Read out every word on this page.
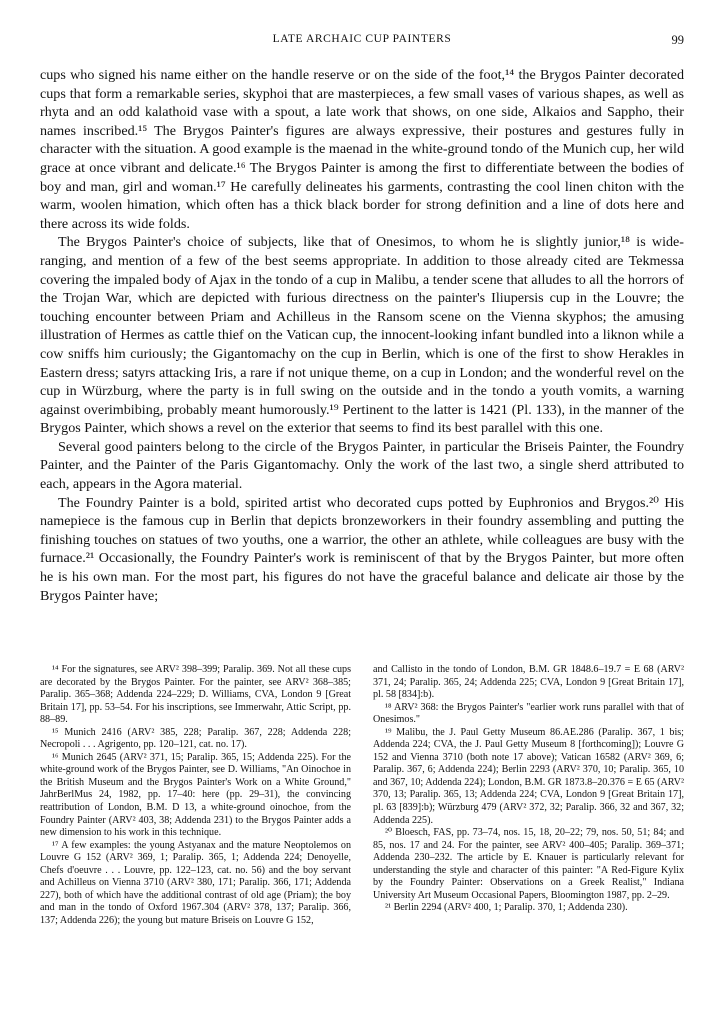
LATE ARCHAIC CUP PAINTERS	99

cups who signed his name either on the handle reserve or on the side of the foot,¹⁴ the Brygos Painter decorated cups that form a remarkable series, skyphoi that are masterpieces, a few small vases of various shapes, as well as rhyta and an odd kalathoid vase with a spout, a late work that shows, on one side, Alkaios and Sappho, their names inscribed.¹⁵ The Brygos Painter's figures are always expressive, their postures and gestures fully in character with the situation. A good example is the maenad in the white-ground tondo of the Munich cup, her wild grace at once vibrant and delicate.¹⁶ The Brygos Painter is among the first to differentiate between the bodies of boy and man, girl and woman.¹⁷ He carefully delineates his garments, contrasting the cool linen chiton with the warm, woolen himation, which often has a thick black border for strong definition and a line of dots here and there across its wide folds.

The Brygos Painter's choice of subjects, like that of Onesimos, to whom he is slightly junior,¹⁸ is wide-ranging, and mention of a few of the best seems appropriate. In addition to those already cited are Tekmessa covering the impaled body of Ajax in the tondo of a cup in Malibu, a tender scene that alludes to all the horrors of the Trojan War, which are depicted with furious directness on the painter's Iliupersis cup in the Louvre; the touching encounter between Priam and Achilleus in the Ransom scene on the Vienna skyphos; the amusing illustration of Hermes as cattle thief on the Vatican cup, the innocent-looking infant bundled into a liknon while a cow sniffs him curiously; the Gigantomachy on the cup in Berlin, which is one of the first to show Herakles in Eastern dress; satyrs attacking Iris, a rare if not unique theme, on a cup in London; and the wonderful revel on the cup in Würzburg, where the party is in full swing on the outside and in the tondo a youth vomits, a warning against overimbibing, probably meant humorously.¹⁹ Pertinent to the latter is 1421 (Pl. 133), in the manner of the Brygos Painter, which shows a revel on the exterior that seems to find its best parallel with this one.

Several good painters belong to the circle of the Brygos Painter, in particular the Briseis Painter, the Foundry Painter, and the Painter of the Paris Gigantomachy. Only the work of the last two, a single sherd attributed to each, appears in the Agora material.

The Foundry Painter is a bold, spirited artist who decorated cups potted by Euphronios and Brygos.²⁰ His namepiece is the famous cup in Berlin that depicts bronzeworkers in their foundry assembling and putting the finishing touches on statues of two youths, one a warrior, the other an athlete, while colleagues are busy with the furnace.²¹ Occasionally, the Foundry Painter's work is reminiscent of that by the Brygos Painter, but more often he is his own man. For the most part, his figures do not have the graceful balance and delicate air those by the Brygos Painter have;

¹⁴ For the signatures, see ARV² 398–399; Paralip. 369. Not all these cups are decorated by the Brygos Painter. For the painter, see ARV² 368–385; Paralip. 365–368; Addenda 224–229; D. Williams, CVA, London 9 [Great Britain 17], pp. 53–54. For his inscriptions, see Immerwahr, Attic Script, pp. 88–89.

¹⁵ Munich 2416 (ARV² 385, 228; Paralip. 367, 228; Addenda 228; Necropoli . . . Agrigento, pp. 120–121, cat. no. 17).

¹⁶ Munich 2645 (ARV² 371, 15; Paralip. 365, 15; Addenda 225). For the white-ground work of the Brygos Painter, see D. Williams, "An Oinochoe in the British Museum and the Brygos Painter's Work on a White Ground," JahrBerlMus 24, 1982, pp. 17–40: here (pp. 29–31), the convincing reattribution of London, B.M. D 13, a white-ground oinochoe, from the Foundry Painter (ARV² 403, 38; Addenda 231) to the Brygos Painter adds a new dimension to his work in this technique.

¹⁷ A few examples: the young Astyanax and the mature Neoptolemos on Louvre G 152 (ARV² 369, 1; Paralip. 365, 1; Addenda 224; Denoyelle, Chefs d'oeuvre . . . Louvre, pp. 122–123, cat. no. 56) and the boy servant and Achilleus on Vienna 3710 (ARV² 380, 171; Paralip. 366, 171; Addenda 227), both of which have the additional contrast of old age (Priam); the boy and man in the tondo of Oxford 1967.304 (ARV² 378, 137; Paralip. 366, 137; Addenda 226); the young but mature Briseis on Louvre G 152,

and Callisto in the tondo of London, B.M. GR 1848.6–19.7 = E 68 (ARV² 371, 24; Paralip. 365, 24; Addenda 225; CVA, London 9 [Great Britain 17], pl. 58 [834]:b).

¹⁸ ARV² 368: the Brygos Painter's "earlier work runs parallel with that of Onesimos."

¹⁹ Malibu, the J. Paul Getty Museum 86.AE.286 (Paralip. 367, 1 bis; Addenda 224; CVA, the J. Paul Getty Museum 8 [forthcoming]); Louvre G 152 and Vienna 3710 (both note 17 above); Vatican 16582 (ARV² 369, 6; Paralip. 367, 6; Addenda 224); Berlin 2293 (ARV² 370, 10; Paralip. 365, 10 and 367, 10; Addenda 224); London, B.M. GR 1873.8–20.376 = E 65 (ARV² 370, 13; Paralip. 365, 13; Addenda 224; CVA, London 9 [Great Britain 17], pl. 63 [839]:b); Würzburg 479 (ARV² 372, 32; Paralip. 366, 32 and 367, 32; Addenda 225).

²⁰ Bloesch, FAS, pp. 73–74, nos. 15, 18, 20–22; 79, nos. 50, 51; 84; and 85, nos. 17 and 24. For the painter, see ARV² 400–405; Paralip. 369–371; Addenda 230–232. The article by E. Knauer is particularly relevant for understanding the style and character of this painter: "A Red-Figure Kylix by the Foundry Painter: Observations on a Greek Realist," Indiana University Art Museum Occasional Papers, Bloomington 1987, pp. 2–29.

²¹ Berlin 2294 (ARV² 400, 1; Paralip. 370, 1; Addenda 230).
